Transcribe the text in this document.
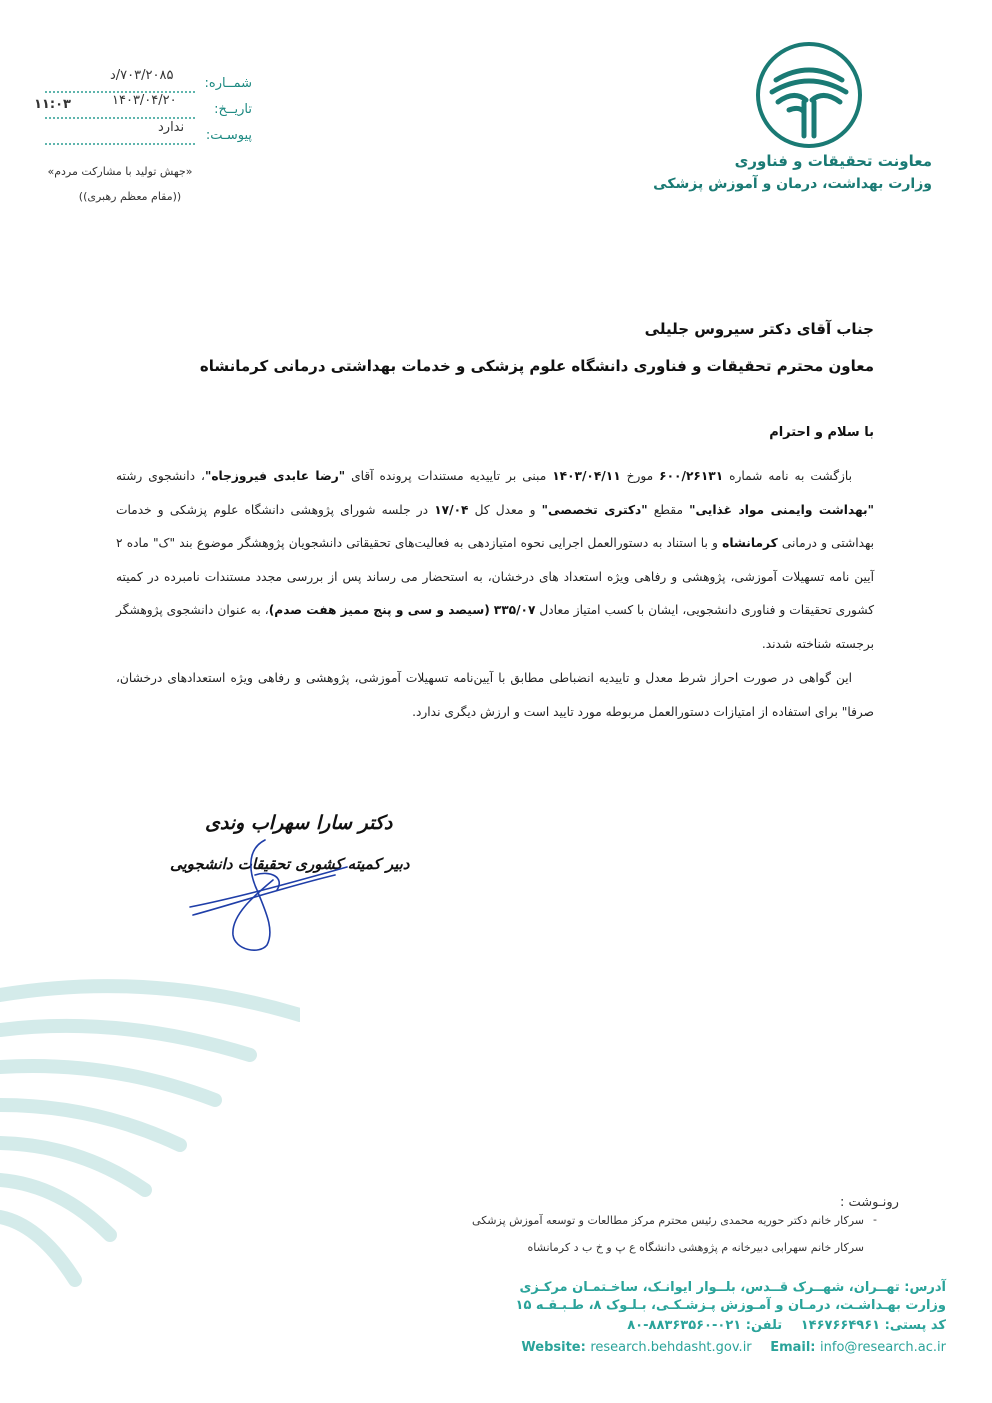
شمــاره:
۷۰۳/۲۰۸۵/د
تاریــخ:
۱۴۰۳/۰۴/۲۰
۱۱:۰۳
پیوسـت:
ندارد
«جهش تولید با مشارکت مردم»
((مقام معظم رهبری))
معاونت تحقیقات و فناوری
وزارت بهداشت، درمان و آموزش پزشکی
جناب آقای دکتر سیروس جلیلی
معاون محترم تحقیقات و فناوری دانشگاه علوم پزشکی و خدمات بهداشتی درمانی کرمانشاه
با سلام و احترام
بازگشت به نامه شماره ۶۰۰/۲۶۱۳۱ مورخ ۱۴۰۳/۰۴/۱۱ مبنی بر تاییدیه مستندات پرونده آقای "رضا عابدی فیروزجاه"، دانشجوی رشته "بهداشت وایمنی مواد غذایی" مقطع "دکتری تخصصی" و معدل کل ۱۷/۰۴ در جلسه شورای پژوهشی دانشگاه علوم پزشکی و خدمات بهداشتی و درمانی کرمانشاه و با استناد به دستورالعمل اجرایی نحوه امتیازدهی به فعالیت‌های تحقیقاتی دانشجویان پژوهشگر موضوع بند "ک" ماده ۲ آیین نامه تسهیلات آموزشی، پژوهشی و رفاهی ویژه استعداد های درخشان، به استحضار می رساند پس از بررسی مجدد مستندات نامبرده در کمیته کشوری تحقیقات و فناوری دانشجویی، ایشان با کسب امتیاز معادل ۳۳۵/۰۷ (سیصد و سی و پنج ممیز هفت صدم)، به عنوان دانشجوی پژوهشگر برجسته شناخته شدند.
این گواهی در صورت احراز شرط معدل و تاییدیه انضباطی مطابق با آیین‌نامه تسهیلات آموزشی، پژوهشی و رفاهی ویژه استعدادهای درخشان، صرفا" برای استفاده از امتیازات دستورالعمل مربوطه مورد تایید است و ارزش دیگری ندارد.
دکتر سارا سهراب وندی
دبیر کمیته کشوری تحقیقات دانشجویی
رونـوشت :
-
سرکار خانم دکتر حوریه محمدی رئیس محترم مرکز مطالعات و توسعه آموزش پزشکی
سرکار خانم سهرابی دبیرخانه م پژوهشی دانشگاه ع پ و خ ب د کرمانشاه
آدرس: تهــران، شهــرک قــدس، بلــوار ایوانـک، ساخـتمـان مرکـزی
وزارت بهـداشـت، درمـان و آمـوزش پـزشـکـی، بـلـوک ۸، طـبـقـه ۱۵
کد پستی: ۱۴۶۷۶۶۴۹۶۱ تلفن: ۰۲۱-۸۸۳۶۳۵۶۰-۸۰
Website: research.behdasht.gov.ir Email: info@research.ac.ir
